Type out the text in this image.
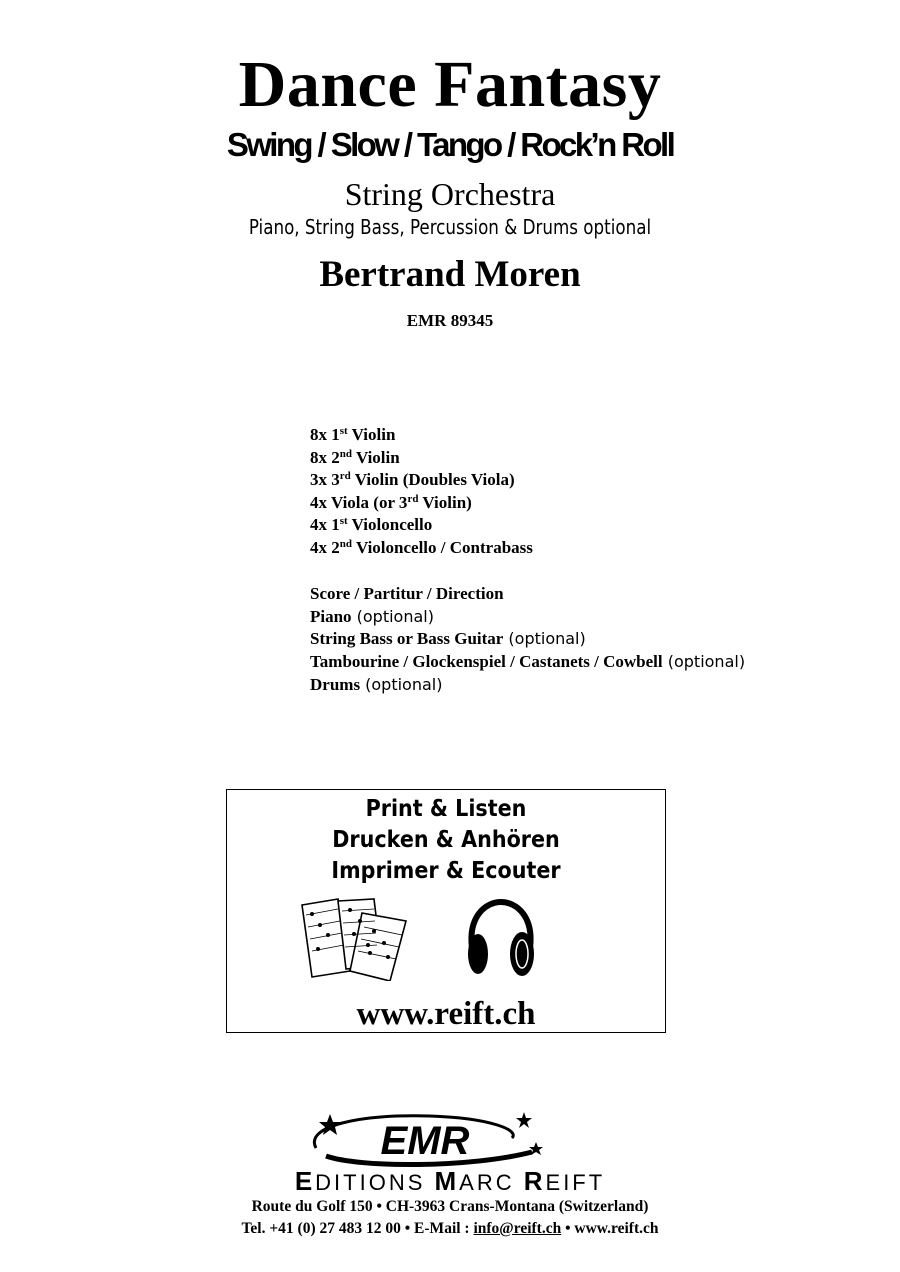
Dance Fantasy
Swing / Slow / Tango / Rock’n Roll
String Orchestra
Piano, String Bass, Percussion & Drums optional
Bertrand Moren
EMR 89345
8x 1st Violin
8x 2nd Violin
3x 3rd Violin (Doubles Viola)
4x Viola (or 3rd Violin)
4x 1st Violoncello
4x 2nd Violoncello / Contrabass
Score / Partitur / Direction
Piano (optional)
String Bass or Bass Guitar (optional)
Tambourine / Glockenspiel / Castanets / Cowbell (optional)
Drums (optional)
Print & Listen
Drucken & Anhören
Imprimer & Ecouter
www.reift.ch
EMR
EDITIONS MARC REIFT
Route du Golf 150 • CH-3963 Crans-Montana (Switzerland)
Tel. +41 (0) 27 483 12 00 • E-Mail : info@reift.ch • www.reift.ch
